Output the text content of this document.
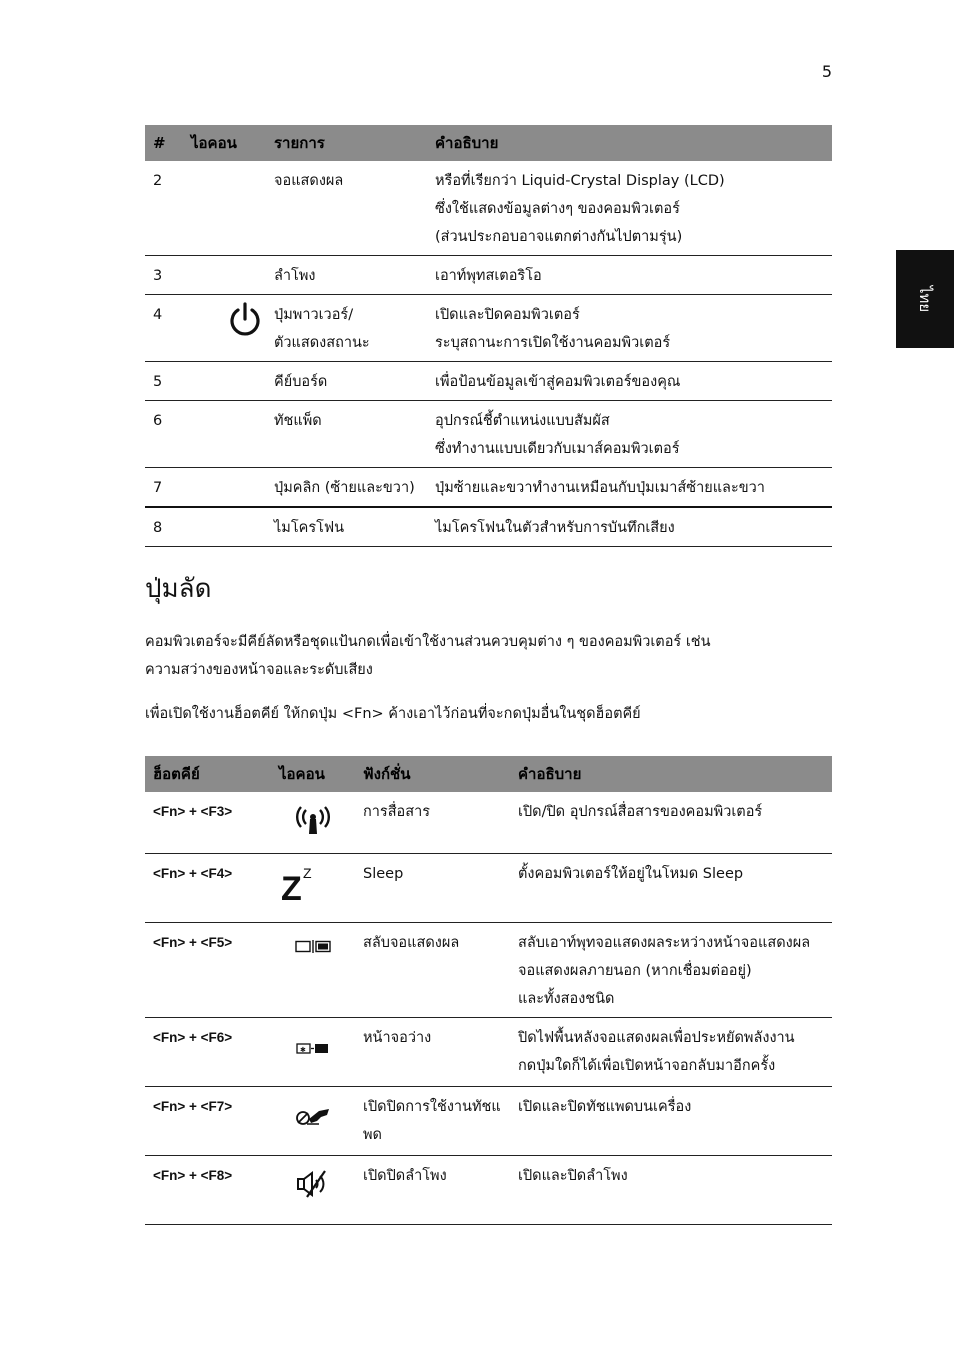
5
ไทย
#	ไอคอน	รายการ	คำอธิบาย
2		จอแสดงผล	หรือที่เรียกว่า Liquid-Crystal Display (LCD)
ซึ่งใช้แสดงข้อมูลต่างๆ ของคอมพิวเตอร์
(ส่วนประกอบอาจแตกต่างกันไปตามรุ่น)

3		ลำโพง	เอาท์พุทสเตอริโอ

4		ปุ่มพาวเวอร์/
ตัวแสดงสถานะ	เปิดและปิดคอมพิวเตอร์
ระบุสถานะการเปิดใช้งานคอมพิวเตอร์

5		คีย์บอร์ด	เพื่อป้อนข้อมูลเข้าสู่คอมพิวเตอร์ของคุณ

6		ทัชแพ็ด	อุปกรณ์ชี้ตำแหน่งแบบสัมผัส
ซึ่งทำงานแบบเดียวกับเมาส์คอมพิวเตอร์

7		ปุ่มคลิก (ซ้ายและขวา)	ปุ่มซ้ายและขวาทำงานเหมือนกับปุ่มเมาส์ซ้ายและขวา

8		ไมโครโฟน	ไมโครโฟนในตัวสำหรับการบันทึกเสียง
ปุ่มลัด

คอมพิวเตอร์จะมีคีย์ลัดหรือชุดแป้นกดเพื่อเข้าใช้งานส่วนควบคุมต่าง ๆ ของคอมพิวเตอร์ เช่น
ความสว่างของหน้าจอและระดับเสียง

เพื่อเปิดใช้งานฮ็อตคีย์ ให้กดปุ่ม <Fn> ค้างเอาไว้ก่อนที่จะกดปุ่มอื่นในชุดฮ็อตคีย์

ฮ็อตคีย์	ไอคอน	ฟังก์ชั่น	คำอธิบาย
<Fn> + <F3>		การสื่อสาร	เปิด/ปิด อุปกรณ์สื่อสารของคอมพิวเตอร์

<Fn> + <F4>	Z Z	Sleep	ตั้งคอมพิวเตอร์ให้อยู่ในโหมด Sleep

<Fn> + <F5>		สลับจอแสดงผล	สลับเอาท์พุทจอแสดงผลระหว่างหน้าจอแสดงผล
จอแสดงผลภายนอก (หากเชื่อมต่ออยู่)
และทั้งสองชนิด

<Fn> + <F6>	✱	หน้าจอว่าง	ปิดไฟพื้นหลังจอแสดงผลเพื่อประหยัดพลังงาน
กดปุ่มใดก็ได้เพื่อเปิดหน้าจอกลับมาอีกครั้ง

<Fn> + <F7>		เปิดปิดการใช้งานทัชแ
พด	เปิดและปิดทัชแพดบนเครื่อง

<Fn> + <F8>		เปิดปิดลำโพง	เปิดและปิดลำโพง
